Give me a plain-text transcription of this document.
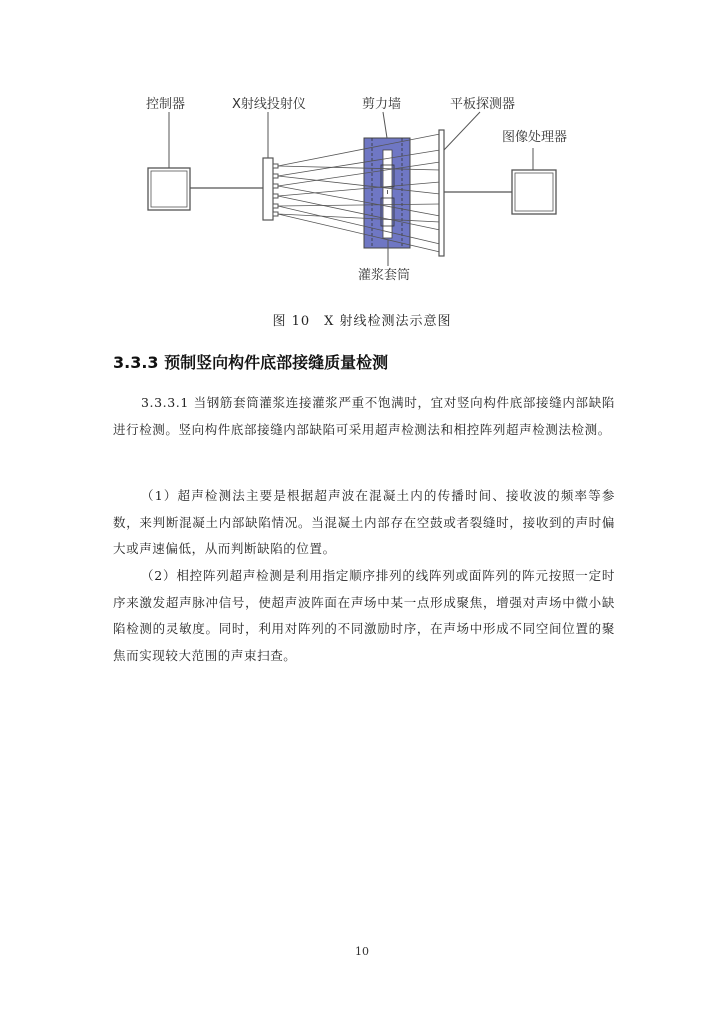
控制器	X射线投射仪	剪力墙	平板探测器
图像处理器
灌浆套筒
图 10　X 射线检测法示意图
3.3.3 预制竖向构件底部接缝质量检测

3.3.3.1 当钢筋套筒灌浆连接灌浆严重不饱满时，宜对竖向构件底部接缝内部缺陷进行检测。竖向构件底部接缝内部缺陷可采用超声检测法和相控阵列超声检测法检测。

（1）超声检测法主要是根据超声波在混凝土内的传播时间、接收波的频率等参数，来判断混凝土内部缺陷情况。当混凝土内部存在空鼓或者裂缝时，接收到的声时偏大或声速偏低，从而判断缺陷的位置。

（2）相控阵列超声检测是利用指定顺序排列的线阵列或面阵列的阵元按照一定时序来激发超声脉冲信号，使超声波阵面在声场中某一点形成聚焦，增强对声场中微小缺陷检测的灵敏度。同时，利用对阵列的不同激励时序，在声场中形成不同空间位置的聚焦而实现较大范围的声束扫查。

10
